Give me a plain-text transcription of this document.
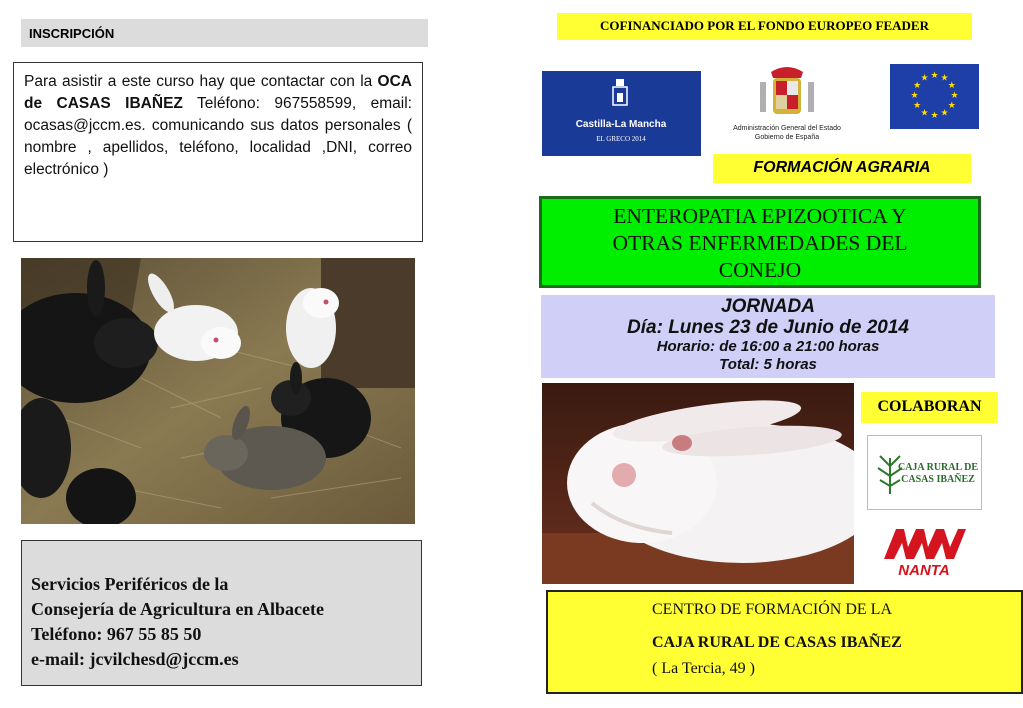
INSCRIPCIÓN
Para asistir a este curso hay que contactar con la OCA de CASAS IBAÑEZ Teléfono: 967558599, email: ocasas@jccm.es. comunicando sus datos personales ( nombre , apellidos, teléfono, localidad ,DNI, correo electrónico )
Servicios Periféricos de la
Consejería de Agricultura en Albacete
Teléfono: 967 55 85 50
e-mail: jcvilchesd@jccm.es
COFINANCIADO POR EL FONDO EUROPEO FEADER
Castilla-La Mancha
EL GRECO 2014
Administración General del Estado
Gobierno de España
★ ★
★
★
★
★
★
★
★
★
★
★
FORMACIÓN AGRARIA
ENTEROPATIA EPIZOOTICA Y
OTRAS ENFERMEDADES DEL
CONEJO
JORNADA
Día: Lunes 23 de Junio de 2014
Horario: de 16:00 a 21:00 horas
Total: 5 horas
COLABORAN
CAJA RURAL DE
CASAS IBAÑEZ
NANTA
CENTRO DE FORMACIÓN DE LA
CAJA RURAL DE CASAS IBAÑEZ
( La Tercia, 49 )
